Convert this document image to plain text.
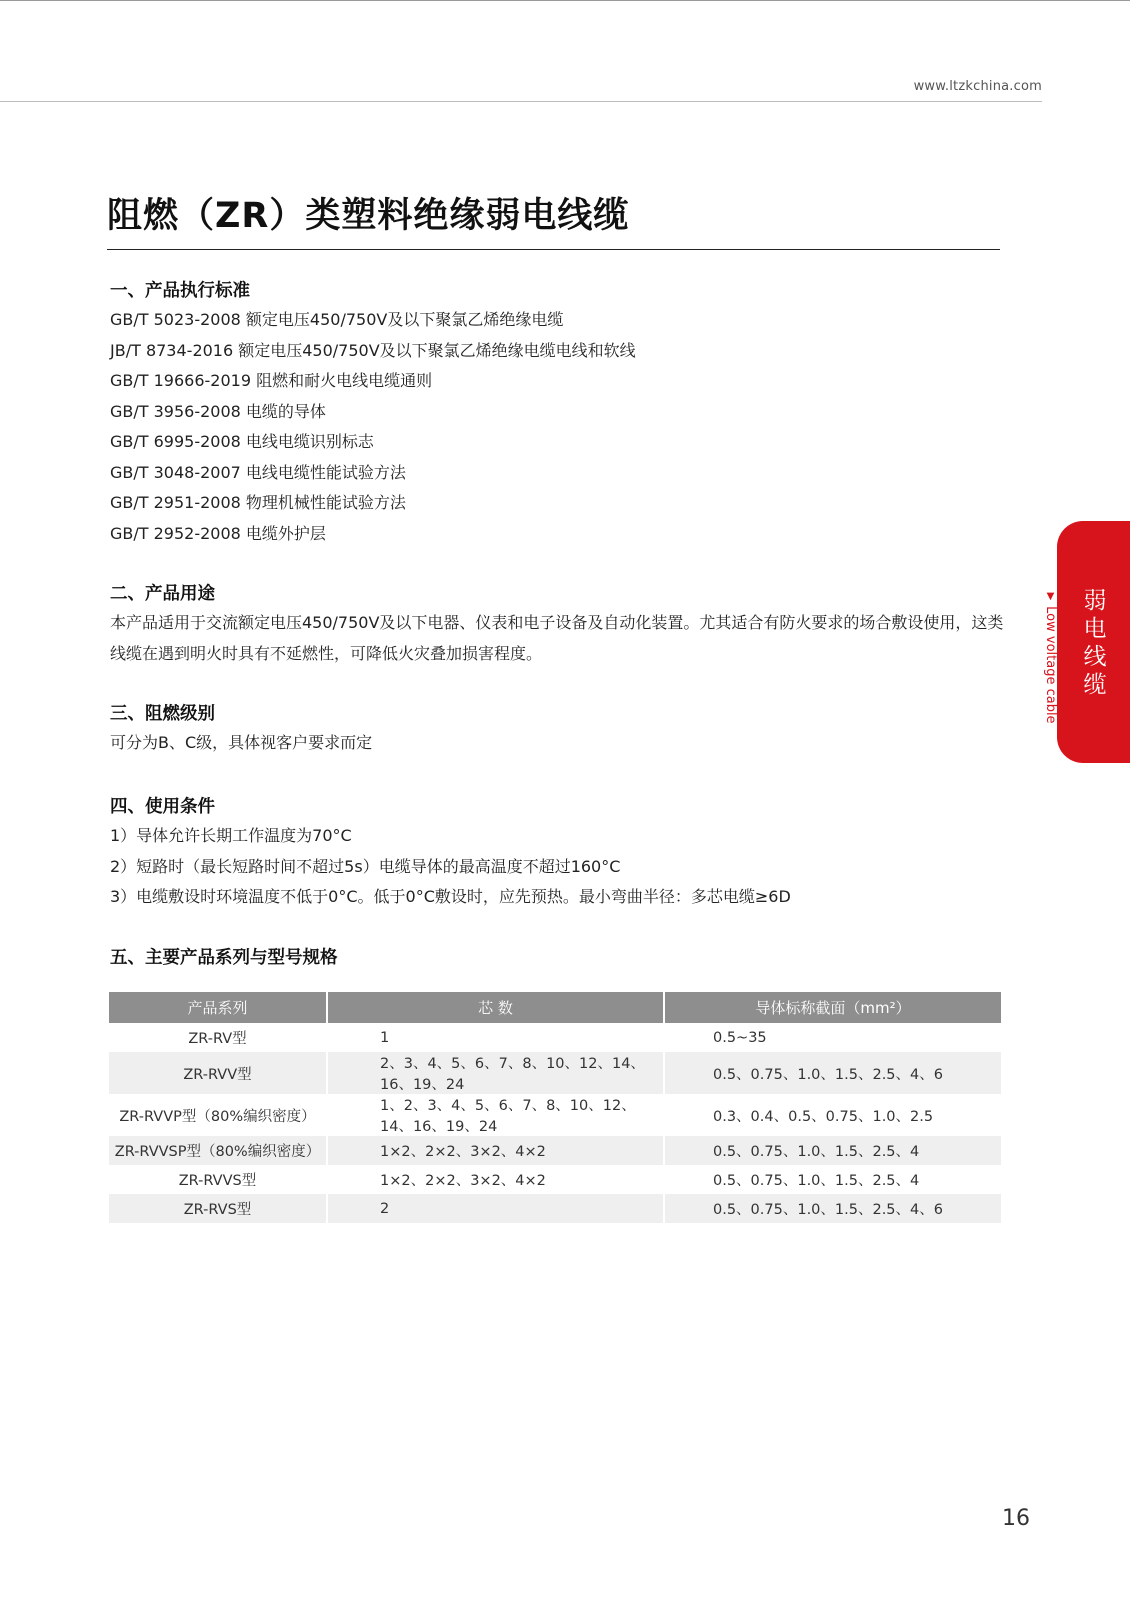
www.ltzkchina.com
阻燃（ZR）类塑料绝缘弱电线缆
一、产品执行标准
GB/T 5023-2008 额定电压450/750V及以下聚氯乙烯绝缘电缆
JB/T 8734-2016 额定电压450/750V及以下聚氯乙烯绝缘电缆电线和软线
GB/T 19666-2019 阻燃和耐火电线电缆通则
GB/T 3956-2008 电缆的导体
GB/T 6995-2008 电线电缆识别标志
GB/T 3048-2007 电线电缆性能试验方法
GB/T 2951-2008 物理机械性能试验方法
GB/T 2952-2008 电缆外护层
二、产品用途
本产品适用于交流额定电压450/750V及以下电器、仪表和电子设备及自动化装置。尤其适合有防火要求的场合敷设使用，这类线缆在遇到明火时具有不延燃性，可降低火灾叠加损害程度。
三、阻燃级别
可分为B、C级，具体视客户要求而定
四、使用条件
1）导体允许长期工作温度为70°C
2）短路时（最长短路时间不超过5s）电缆导体的最高温度不超过160°C
3）电缆敷设时环境温度不低于0°C。低于0°C敷设时，应先预热。最小弯曲半径：多芯电缆≥6D
五、主要产品系列与型号规格
产品系列	芯 数	导体标称截面（mm²）
ZR-RV型	1	0.5~35
ZR-RVV型	2、3、4、5、6、7、8、10、12、14、16、19、24	0.5、0.75、1.0、1.5、2.5、4、6
ZR-RVVP型（80%编织密度）	1、2、3、4、5、6、7、8、10、12、14、16、19、24	0.3、0.4、0.5、0.75、1.0、2.5
ZR-RVVSP型（80%编织密度）	1×2、2×2、3×2、4×2	0.5、0.75、1.0、1.5、2.5、4
ZR-RVVS型	1×2、2×2、3×2、4×2	0.5、0.75、1.0、1.5、2.5、4
ZR-RVS型	2	0.5、0.75、1.0、1.5、2.5、4、6
弱电线缆
▼ Low voltage cable
16
